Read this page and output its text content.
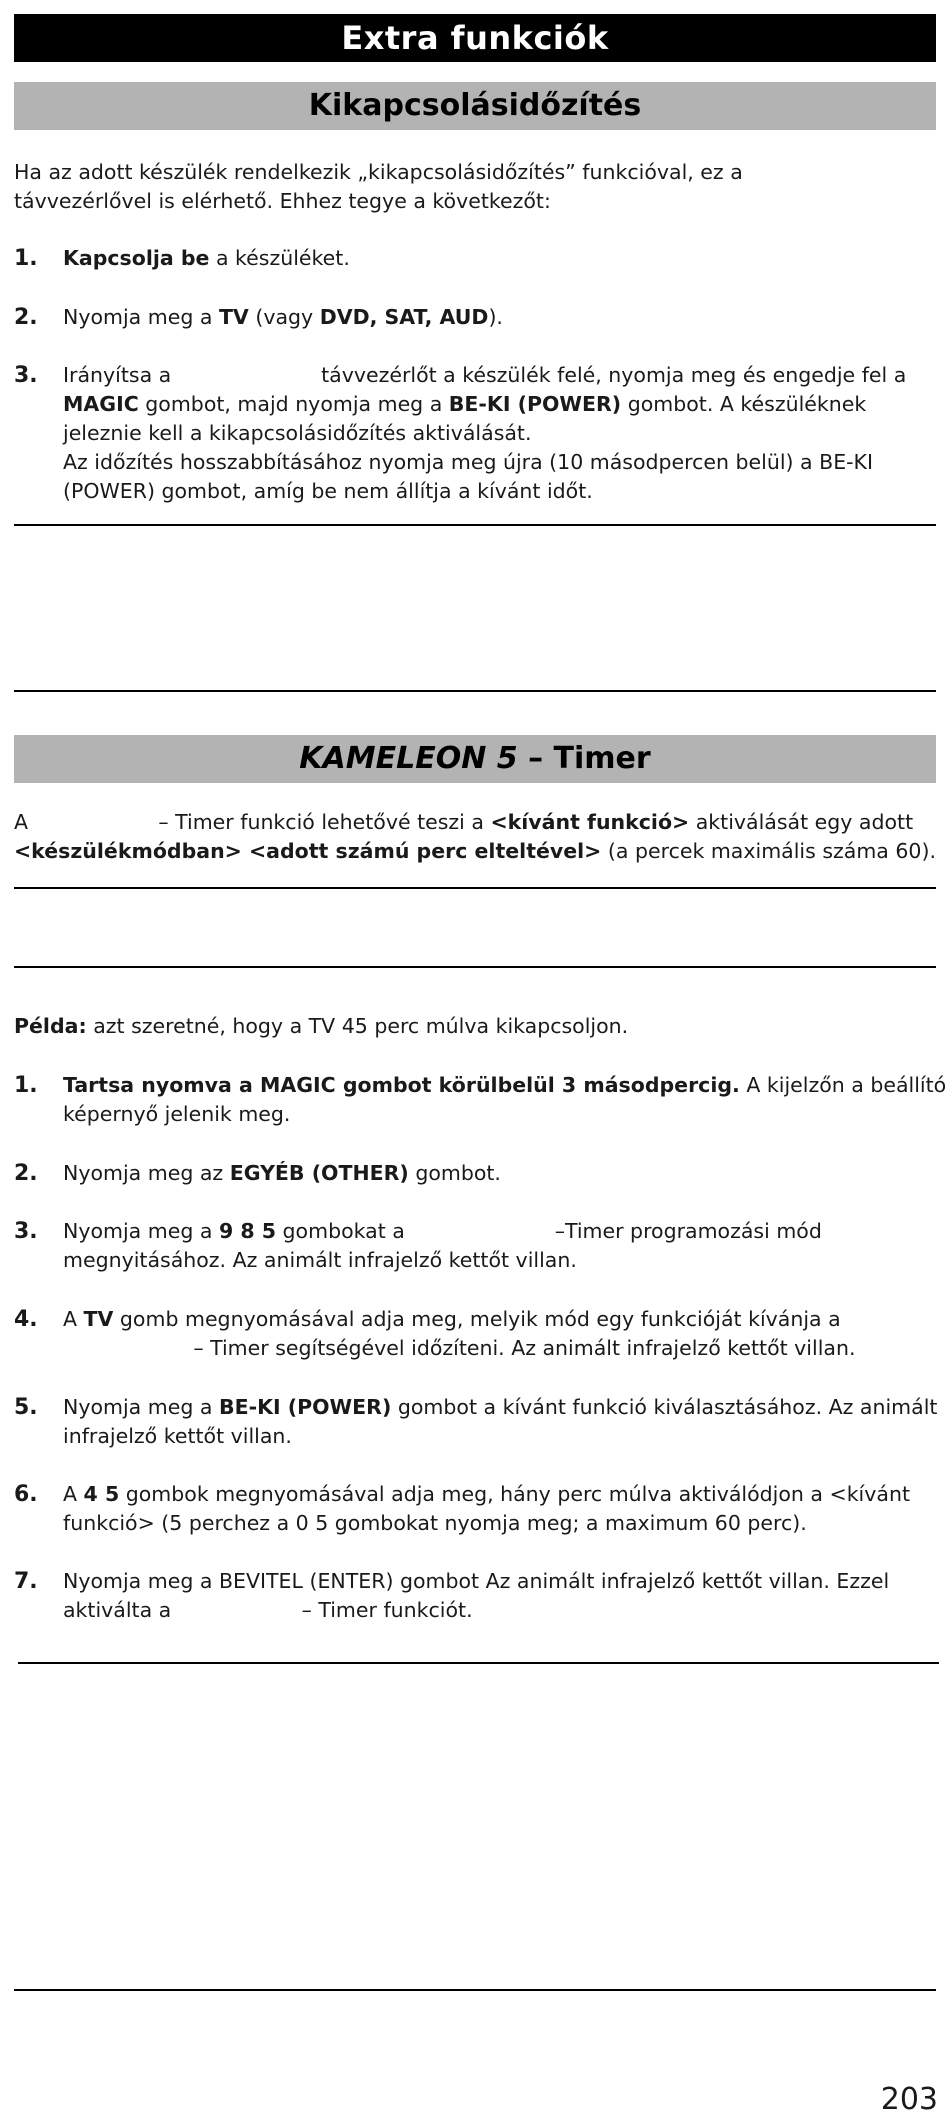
Extra funkciók
Kikapcsolásidőzítés

Ha az adott készülék rendelkezik „kikapcsolásidőzítés” funkcióval, ez a
távvezérlővel is elérhető. Ehhez tegye a következőt:

1. Kapcsolja be a készüléket.
2. Nyomja meg a TV (vagy DVD, SAT, AUD).
3. Irányítsa a                       távvezérlőt a készülék felé, nyomja meg és engedje fel a
MAGIC gombot, majd nyomja meg a BE-KI (POWER) gombot. A készüléknek
jeleznie kell a kikapcsolásidőzítés aktiválását.
Az időzítés hosszabbításához nyomja meg újra (10 másodpercen belül) a BE-KI
(POWER) gombot, amíg be nem állítja a kívánt időt.
KAMELEON 5 – Timer
A                    – Timer funkció lehetővé teszi a <kívánt funkció> aktiválását egy adott
<készülékmódban> <adott számú perc elteltével> (a percek maximális száma 60).
Példa: azt szeretné, hogy a TV 45 perc múlva kikapcsoljon.
1. Tartsa nyomva a MAGIC gombot körülbelül 3 másodpercig. A kijelzőn a beállító
képernyő jelenik meg.
2. Nyomja meg az EGYÉB (OTHER) gombot.
3. Nyomja meg a 9 8 5 gombokat a                       –Timer programozási mód
megnyitásához. Az animált infrajelző kettőt villan.
4. A TV gomb megnyomásával adja meg, melyik mód egy funkcióját kívánja a
– Timer segítségével időzíteni. Az animált infrajelző kettőt villan.
5. Nyomja meg a BE-KI (POWER) gombot a kívánt funkció kiválasztásához. Az animált
infrajelző kettőt villan.
6. A 4 5 gombok megnyomásával adja meg, hány perc múlva aktiválódjon a <kívánt
funkció> (5 perchez a 0 5 gombokat nyomja meg; a maximum 60 perc).
7. Nyomja meg a BEVITEL (ENTER) gombot Az animált infrajelző kettőt villan. Ezzel
aktiválta a                    – Timer funkciót.
203
